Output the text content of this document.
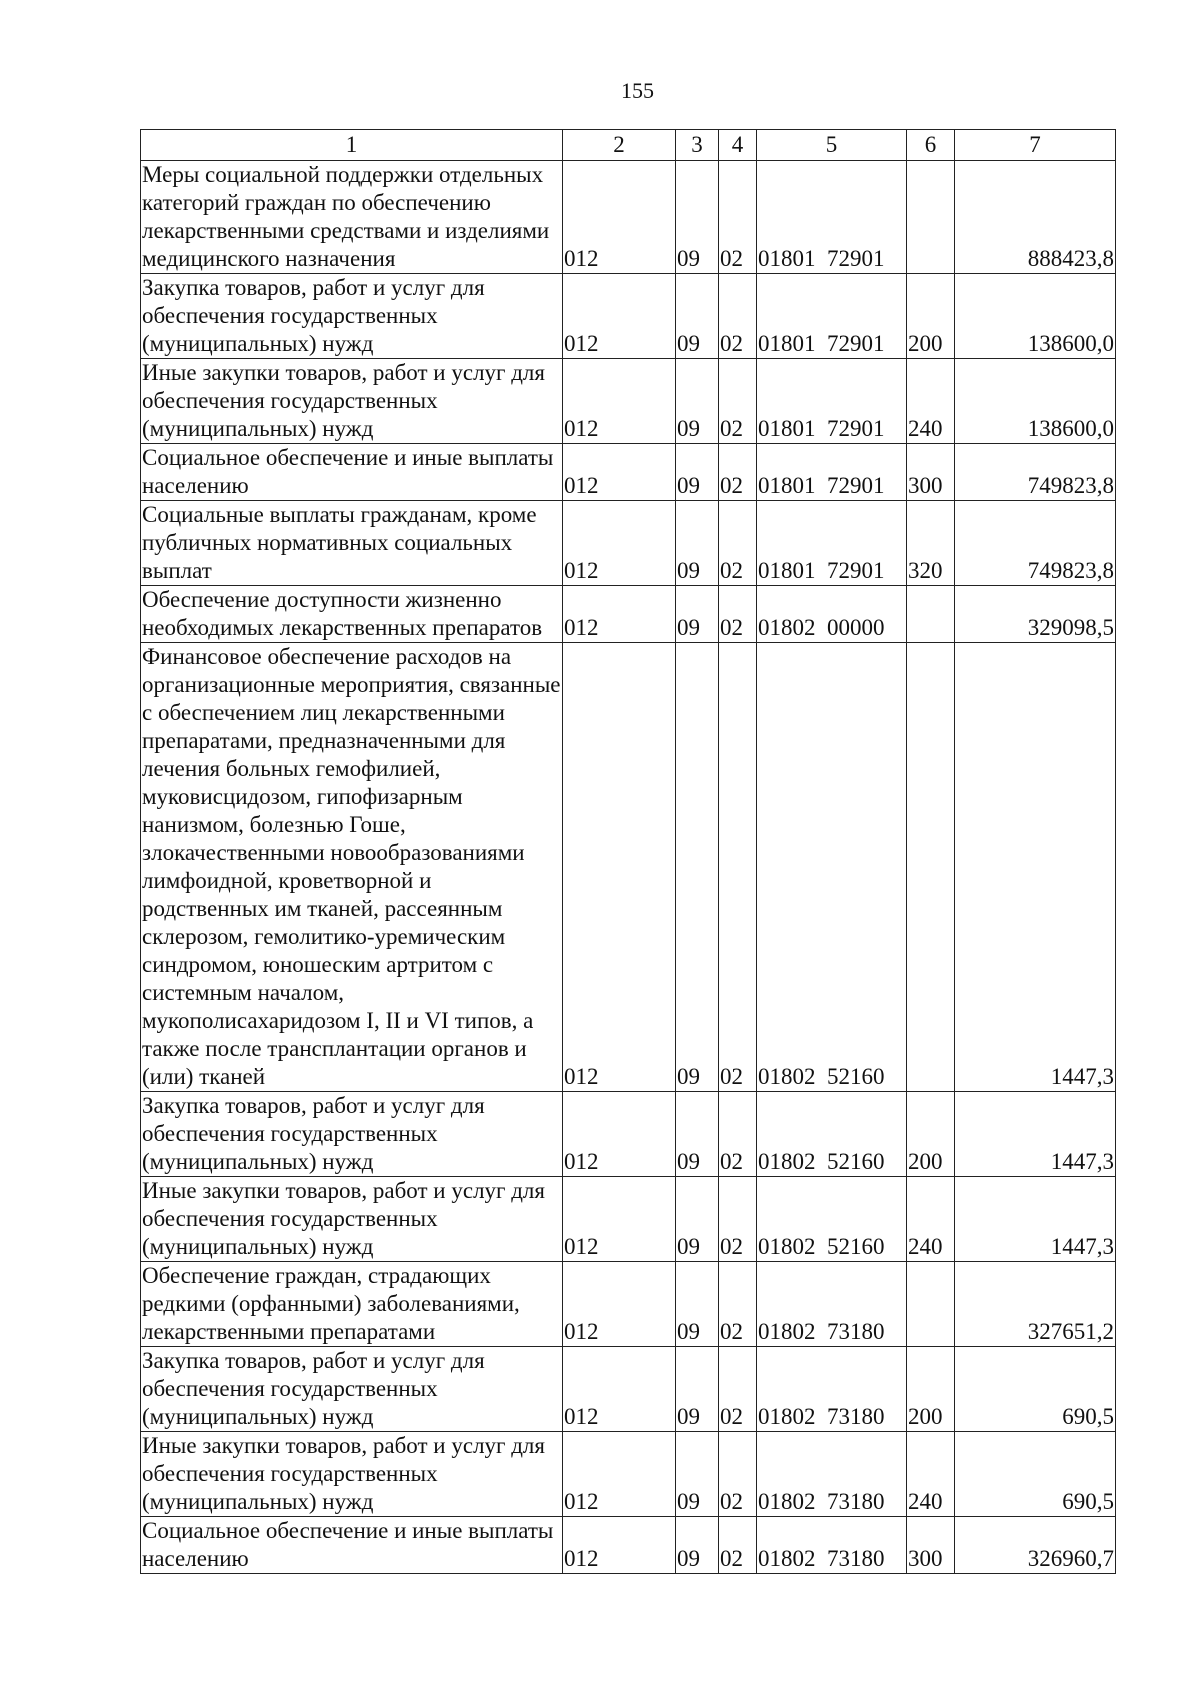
155
1	2	3	4	5	6	7
Меры социальной поддержки отдельных категорий граждан по обеспечению лекарственными средствами и изделиями медицинского назначения	012	09	02	01801  72901		888423,8
Закупка товаров, работ и услуг для обеспечения государственных (муниципальных) нужд	012	09	02	01801  72901	200	138600,0
Иные закупки товаров, работ и услуг для обеспечения государственных (муниципальных) нужд	012	09	02	01801  72901	240	138600,0
Социальное обеспечение и иные выплаты населению	012	09	02	01801  72901	300	749823,8
Социальные выплаты гражданам, кроме публичных нормативных социальных выплат	012	09	02	01801  72901	320	749823,8
Обеспечение доступности жизненно необходимых лекарственных препаратов	012	09	02	01802  00000		329098,5
Финансовое обеспечение расходов на организационные мероприятия, связанные с обеспечением лиц лекарственными препаратами, предназначенными для лечения больных гемофилией, муковисцидозом, гипофизарным нанизмом, болезнью Гоше, злокачественными новообразованиями лимфоидной, кроветворной и родственных им тканей, рассеянным склерозом, гемолитико-уремическим синдромом, юношеским артритом с системным началом, мукополисахаридозом I, II и VI типов, а также после трансплантации органов и (или) тканей	012	09	02	01802  52160		1447,3
Закупка товаров, работ и услуг для обеспечения государственных (муниципальных) нужд	012	09	02	01802  52160	200	1447,3
Иные закупки товаров, работ и услуг для обеспечения государственных (муниципальных) нужд	012	09	02	01802  52160	240	1447,3
Обеспечение граждан, страдающих редкими (орфанными) заболеваниями, лекарственными препаратами	012	09	02	01802  73180		327651,2
Закупка товаров, работ и услуг для обеспечения государственных (муниципальных) нужд	012	09	02	01802  73180	200	690,5
Иные закупки товаров, работ и услуг для обеспечения государственных (муниципальных) нужд	012	09	02	01802  73180	240	690,5
Социальное обеспечение и иные выплаты населению	012	09	02	01802  73180	300	326960,7
